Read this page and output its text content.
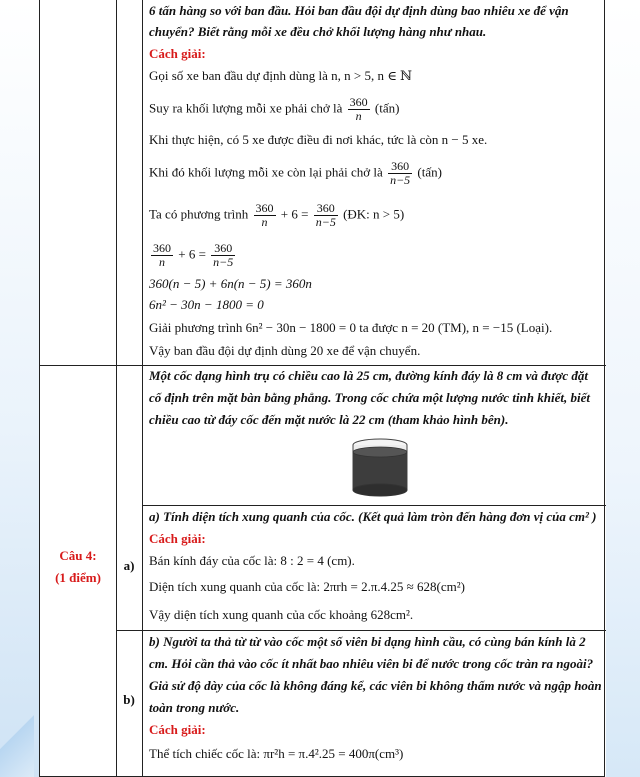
6 tấn hàng so với ban đầu. Hỏi ban đầu đội dự định dùng bao nhiêu xe để vận
chuyển? Biết rằng mỗi xe đều chở khối lượng hàng như nhau.
Cách giải:
Gọi số xe ban đầu dự định dùng là n, n > 5, n ∈ ℕ
Suy ra khối lượng mỗi xe phải chở là $\frac{360}{n}$ (tấn)
Khi thực hiện, có 5 xe được điều đi nơi khác, tức là còn n − 5 xe.
Khi đó khối lượng mỗi xe còn lại phải chở là $\frac{360}{n-5}$ (tấn)
Ta có phương trình $\frac{360}{n} + 6 = \frac{360}{n-5}$ (ĐK: n > 5)
$\frac{360}{n} + 6 = \frac{360}{n-5}$
360(n − 5) + 6n(n − 5) = 360n
6n² − 30n − 1800 = 0
Giải phương trình 6n² − 30n − 1800 = 0 ta được n = 20 (TM), n = −15 (Loại).
Vậy ban đầu đội dự định dùng 20 xe để vận chuyển.
Một cốc dạng hình trụ có chiều cao là 25 cm, đường kính đáy là 8 cm và được đặt
cố định trên mặt bàn bằng phẳng. Trong cốc chứa một lượng nước tinh khiết, biết
chiều cao từ đáy cốc đến mặt nước là 22 cm (tham khảo hình bên).
Câu 4:
(1 điểm)
a)
a) Tính diện tích xung quanh của cốc. (Kết quả làm tròn đến hàng đơn vị của cm² )
Cách giải:
Bán kính đáy của cốc là: 8 : 2 = 4 (cm).
Diện tích xung quanh của cốc là: 2πrh = 2.π.4.25 ≈ 628(cm²)
Vậy diện tích xung quanh của cốc khoảng 628cm².
b)
b) Người ta thả từ từ vào cốc một số viên bi dạng hình cầu, có cùng bán kính là 2
cm. Hỏi cần thả vào cốc ít nhất bao nhiêu viên bi để nước trong cốc tràn ra ngoài?
Giả sử độ dày của cốc là không đáng kể, các viên bi không thấm nước và ngập hoàn
toàn trong nước.
Cách giải:
Thể tích chiếc cốc là: πr²h = π.4².25 = 400π(cm³)
